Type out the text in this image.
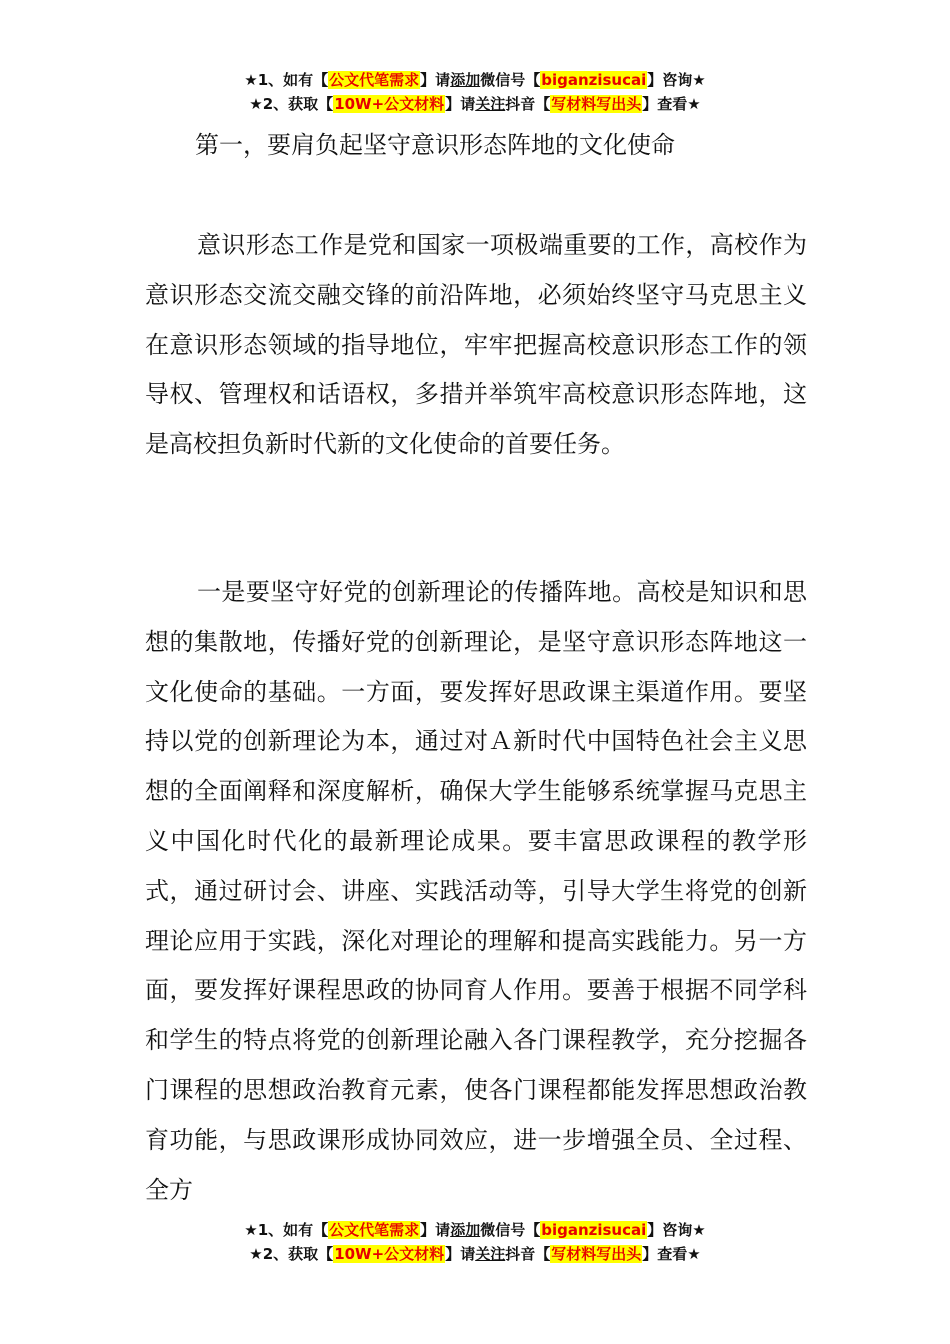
★1、如有【公文代笔需求】请添加微信号【biganzisucai】咨询★
★2、获取【10W+公文材料】请关注抖音【写材料写出头】查看★
第一，要肩负起坚守意识形态阵地的文化使命

意识形态工作是党和国家一项极端重要的工作，高校作为意识形态交流交融交锋的前沿阵地，必须始终坚守马克思主义在意识形态领域的指导地位，牢牢把握高校意识形态工作的领导权、管理权和话语权，多措并举筑牢高校意识形态阵地，这是高校担负新时代新的文化使命的首要任务。

一是要坚守好党的创新理论的传播阵地。高校是知识和思想的集散地，传播好党的创新理论，是坚守意识形态阵地这一文化使命的基础。一方面，要发挥好思政课主渠道作用。要坚持以党的创新理论为本，通过对Ａ新时代中国特色社会主义思想的全面阐释和深度解析，确保大学生能够系统掌握马克思主义中国化时代化的最新理论成果。要丰富思政课程的教学形式，通过研讨会、讲座、实践活动等，引导大学生将党的创新理论应用于实践，深化对理论的理解和提高实践能力。另一方面，要发挥好课程思政的协同育人作用。要善于根据不同学科和学生的特点将党的创新理论融入各门课程教学，充分挖掘各门课程的思想政治教育元素，使各门课程都能发挥思想政治教育功能，与思政课形成协同效应，进一步增强全员、全过程、全方

★1、如有【公文代笔需求】请添加微信号【biganzisucai】咨询★
★2、获取【10W+公文材料】请关注抖音【写材料写出头】查看★
